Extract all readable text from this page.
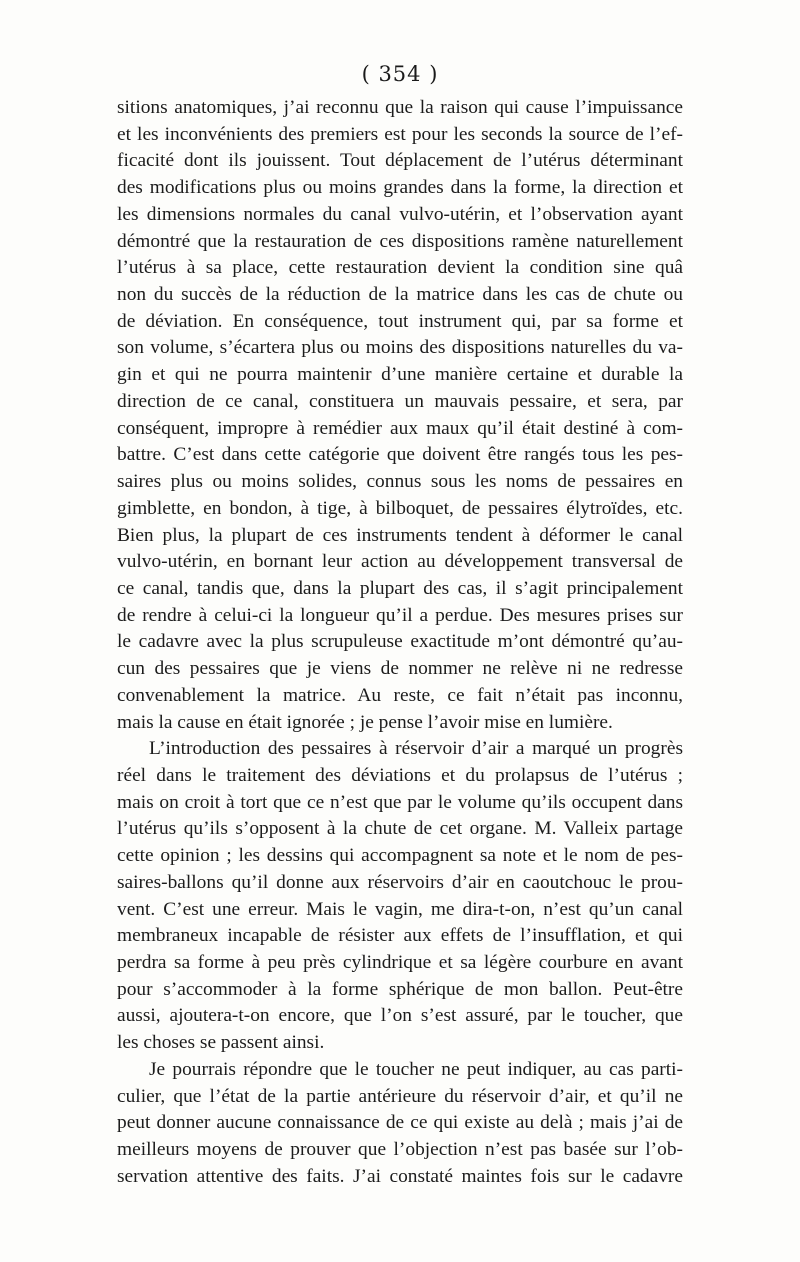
( 354 )
sitions anatomiques, j’ai reconnu que la raison qui cause l’impuissance
et les inconvénients des premiers est pour les seconds la source de l’ef-
ficacité dont ils jouissent. Tout déplacement de l’utérus déterminant
des modifications plus ou moins grandes dans la forme, la direction et
les dimensions normales du canal vulvo-utérin, et l’observation ayant
démontré que la restauration de ces dispositions ramène naturellement
l’utérus à sa place, cette restauration devient la condition sine quâ
non du succès de la réduction de la matrice dans les cas de chute ou
de déviation. En conséquence, tout instrument qui, par sa forme et
son volume, s’écartera plus ou moins des dispositions naturelles du va-
gin et qui ne pourra maintenir d’une manière certaine et durable la
direction de ce canal, constituera un mauvais pessaire, et sera, par
conséquent, impropre à remédier aux maux qu’il était destiné à com-
battre. C’est dans cette catégorie que doivent être rangés tous les pes-
saires plus ou moins solides, connus sous les noms de pessaires en
gimblette, en bondon, à tige, à bilboquet, de pessaires élytroïdes, etc.
Bien plus, la plupart de ces instruments tendent à déformer le canal
vulvo-utérin, en bornant leur action au développement transversal de
ce canal, tandis que, dans la plupart des cas, il s’agit principalement
de rendre à celui-ci la longueur qu’il a perdue. Des mesures prises sur
le cadavre avec la plus scrupuleuse exactitude m’ont démontré qu’au-
cun des pessaires que je viens de nommer ne relève ni ne redresse
convenablement la matrice. Au reste, ce fait n’était pas inconnu,
mais la cause en était ignorée ; je pense l’avoir mise en lumière.
L’introduction des pessaires à réservoir d’air a marqué un progrès
réel dans le traitement des déviations et du prolapsus de l’utérus ;
mais on croit à tort que ce n’est que par le volume qu’ils occupent dans
l’utérus qu’ils s’opposent à la chute de cet organe. M. Valleix partage
cette opinion ; les dessins qui accompagnent sa note et le nom de pes-
saires-ballons qu’il donne aux réservoirs d’air en caoutchouc le prou-
vent. C’est une erreur. Mais le vagin, me dira-t-on, n’est qu’un canal
membraneux incapable de résister aux effets de l’insufflation, et qui
perdra sa forme à peu près cylindrique et sa légère courbure en avant
pour s’accommoder à la forme sphérique de mon ballon. Peut-être
aussi, ajoutera-t-on encore, que l’on s’est assuré, par le toucher, que
les choses se passent ainsi.
Je pourrais répondre que le toucher ne peut indiquer, au cas parti-
culier, que l’état de la partie antérieure du réservoir d’air, et qu’il ne
peut donner aucune connaissance de ce qui existe au delà ; mais j’ai de
meilleurs moyens de prouver que l’objection n’est pas basée sur l’ob-
servation attentive des faits. J’ai constaté maintes fois sur le cadavre
